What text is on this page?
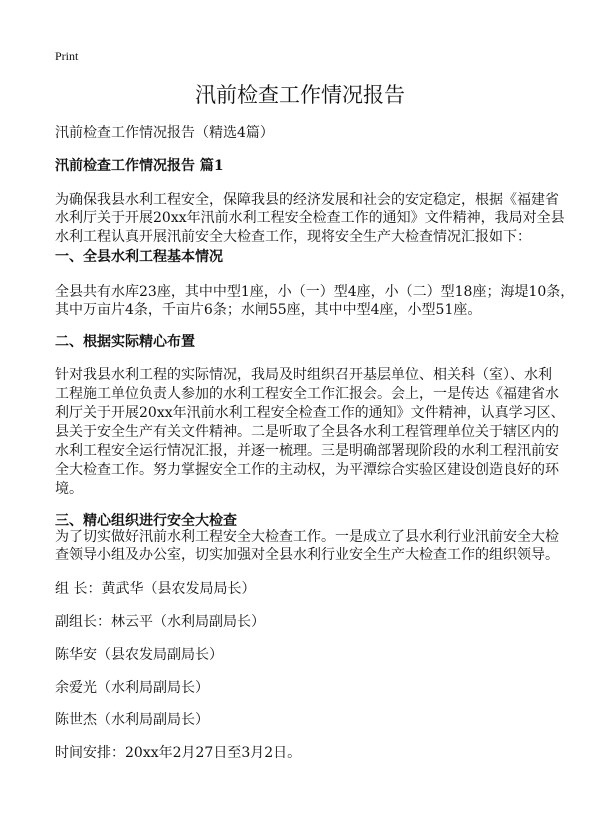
Print
汛前检查工作情况报告
汛前检查工作情况报告（精选4篇）
汛前检查工作情况报告 篇1
为确保我县水利工程安全，保障我县的经济发展和社会的安定稳定，根据《福建省
水利厅关于开展20xx年汛前水利工程安全检查工作的通知》文件精神，我局对全县
水利工程认真开展汛前安全大检查工作，现将安全生产大检查情况汇报如下：
一、全县水利工程基本情况
全县共有水库23座，其中中型1座，小（一）型4座，小（二）型18座；海堤10条，
其中万亩片4条，千亩片6条；水闸55座，其中中型4座，小型51座。
二、根据实际精心布置
针对我县水利工程的实际情况，我局及时组织召开基层单位、相关科（室）、水利
工程施工单位负责人参加的水利工程安全工作汇报会。会上，一是传达《福建省水
利厅关于开展20xx年汛前水利工程安全检查工作的通知》文件精神，认真学习区、
县关于安全生产有关文件精神。二是听取了全县各水利工程管理单位关于辖区内的
水利工程安全运行情况汇报，并逐一梳理。三是明确部署现阶段的水利工程汛前安
全大检查工作。努力掌握安全工作的主动权，为平潭综合实验区建设创造良好的环
境。
三、精心组织进行安全大检查
为了切实做好汛前水利工程安全大检查工作。一是成立了县水利行业汛前安全大检
查领导小组及办公室，切实加强对全县水利行业安全生产大检查工作的组织领导。
组 长：黄武华（县农发局局长）
副组长：林云平（水利局副局长）
陈华安（县农发局副局长）
余爱光（水利局副局长）
陈世杰（水利局副局长）
时间安排：20xx年2月27日至3月2日。
